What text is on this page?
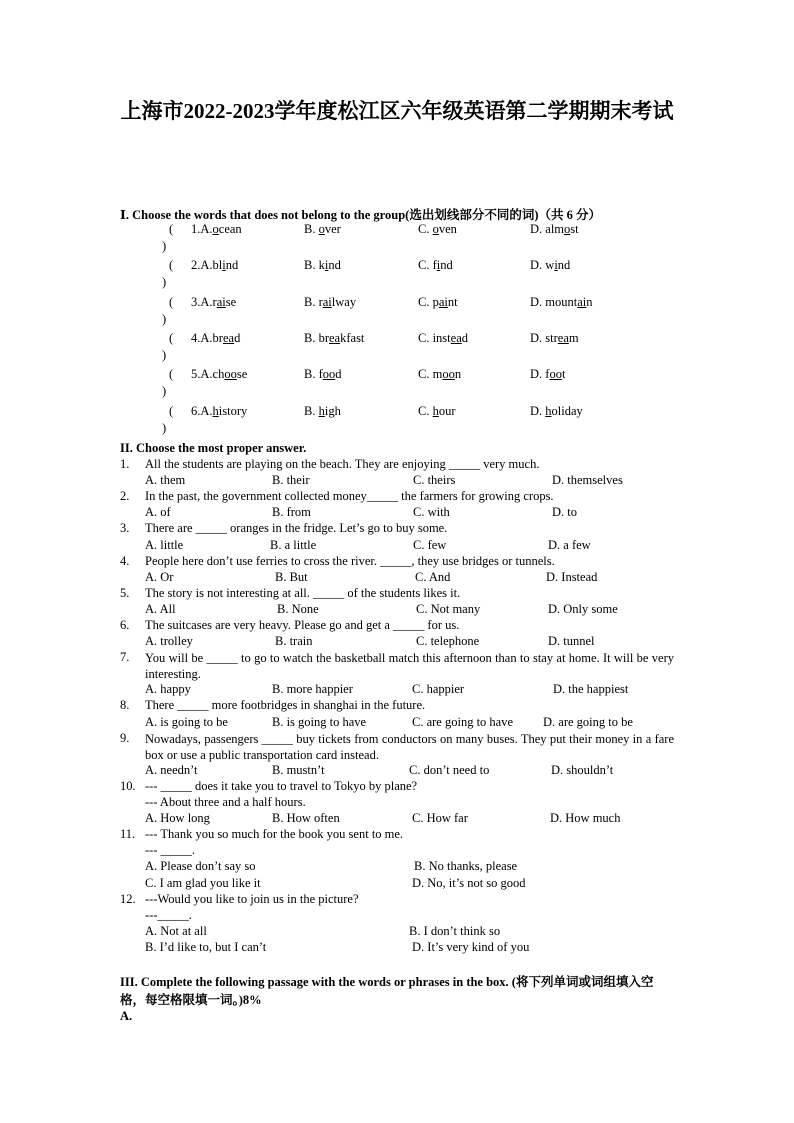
上海市2022-2023学年度松江区六年级英语第二学期期末考试
Ⅰ. Choose the words that does not belong to the group(选出划线部分不同的词)（共 6 分）
( 1.A.ocean	B. over	C. oven	D. almost
)
( 2.A.blind	B. kind	C. find	D. wind
)
( 3.A.raise	B. railway	C. paint	D. mountain
)
( 4.A.bread	B. breakfast	C. instead	D. stream
)
( 5.A.choose	B. food	C. moon	D. foot
)
( 6.A.history	B. high	C. hour	D. holiday
)
II. Choose the most proper answer.
1. All the students are playing on the beach. They are enjoying _____ very much.
A. them	B. their	C. theirs	D. themselves
2. In the past, the government collected money_____ the farmers for growing crops.
A. of	B. from	C. with	D. to
3. There are _____ oranges in the fridge. Let’s go to buy some.
A. little	B. a little	C. few	D. a few
4. People here don’t use ferries to cross the river. _____, they use bridges or tunnels.
A. Or	B. But	C. And	D. Instead
5. The story is not interesting at all. _____ of the students likes it.
A. All	B. None	C. Not many	D. Only some
6. The suitcases are very heavy. Please go and get a _____ for us.
A. trolley	B. train	C. telephone	D. tunnel
7. You will be _____ to go to watch the basketball match this afternoon than to stay at home. It will be very interesting.
A. happy	B. more happier	C. happier	D. the happiest
8. There _____ more footbridges in shanghai in the future.
A. is going to be	B. is going to have	C. are going to have D. are going to be
9. Nowadays, passengers _____ buy tickets from conductors on many buses. They put their money in a fare box or use a public transportation card instead.
A. needn’t	B. mustn’t	C. don’t need to	D. shouldn’t
10. --- _____ does it take you to travel to Tokyo by plane?
--- About three and a half hours.
A. How long	B. How often	C. How far	D. How much
11. --- Thank you so much for the book you sent to me.
--- _____.
A. Please don’t say so	B. No thanks, please
C. I am glad you like it	D. No, it’s not so good
12. ---Would you like to join us in the picture?
---_____.
A. Not at all	B. I don’t think so
B. I’d like to, but I can’t	D. It’s very kind of you
III. Complete the following passage with the words or phrases in the box. (将下列单词或词组填入空格，每空格限填一词。)8%
A.
